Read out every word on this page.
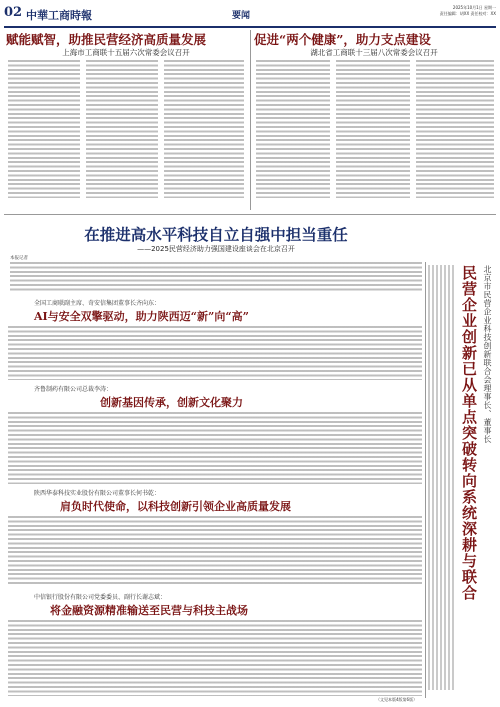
02 中華工商時報	要闻
2025年10月1日 星期一
责任编辑：胡XX 责任校对：XX
赋能赋智，助推民营经济高质量发展
上海市工商联十五届六次常委会议召开
促进“两个健康”，助力支点建设
湖北省工商联十三届八次常委会议召开
在推进高水平科技自立自强中担当重任
——2025民营经济助力强国建设座谈会在北京召开
本报记者
全国工商联副主席、奇安信集团董事长齐向东：
AI与安全双擎驱动，助力陕西迈“新”向“高”
齐鲁制药有限公司总裁李涛：
创新基因传承，创新文化聚力
陕西华泰科技实业股份有限公司董事长何书乾：
肩负时代使命，以科技创新引领企业高质量发展
中信银行股份有限公司党委委员、副行长谢志斌：
将金融资源精准输送至民营与科技主战场
北京市民营企业科技创新联合会理事长、董事长
民营企业创新已从单点突破转向系统深耕与联合
（文见本版4版第6版）
